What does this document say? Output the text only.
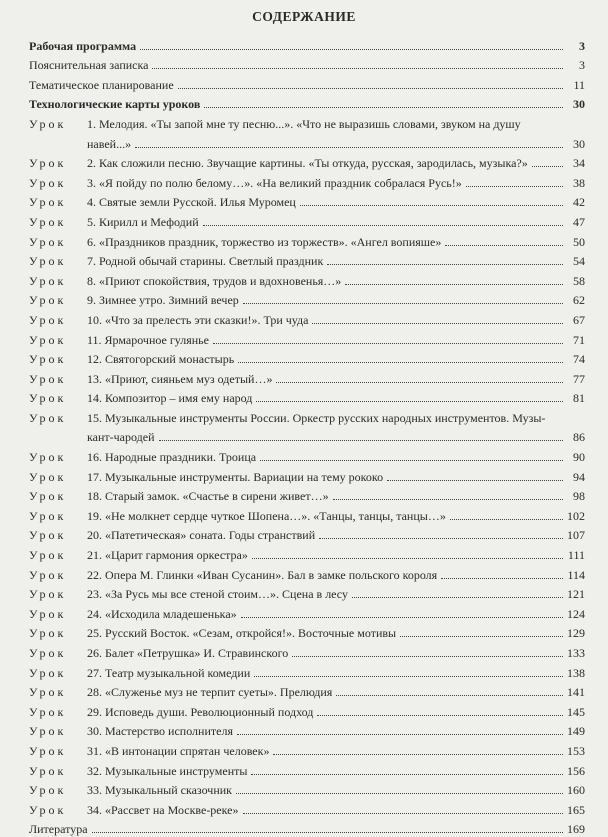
СОДЕРЖАНИЕ
Рабочая программа	3
Пояснительная записка	3
Тематическое планирование	11
Технологические карты уроков	30
Урок	1. Мелодия. «Ты запой мне ту песню...». «Что не выразишь словами, звуком на душу
навей...»	30
Урок	2. Как сложили песню. Звучащие картины. «Ты откуда, русская, зародилась, музыка?»	34
Урок	3. «Я пойду по полю белому…». «На великий праздник собралася Русь!»	38
Урок	4. Святые земли Русской. Илья Муромец	42
Урок	5. Кирилл и Мефодий	47
Урок	6. «Праздников праздник, торжество из торжеств». «Ангел вопияше»	50
Урок	7. Родной обычай старины. Светлый праздник	54
Урок	8. «Приют спокойствия, трудов и вдохновенья…»	58
Урок	9. Зимнее утро. Зимний вечер	62
Урок	10. «Что за прелесть эти сказки!». Три чуда	67
Урок	11. Ярмарочное гулянье	71
Урок	12. Святогорский монастырь	74
Урок	13. «Приют, сияньем муз одетый…»	77
Урок	14. Композитор – имя ему народ	81
Урок	15. Музыкальные инструменты России. Оркестр русских народных инструментов. Музы-
кант-чародей	86
Урок	16. Народные праздники. Троица	90
Урок	17. Музыкальные инструменты. Вариации на тему рококо	94
Урок	18. Старый замок. «Счастье в сирени живет…»	98
Урок	19. «Не молкнет сердце чуткое Шопена…». «Танцы, танцы, танцы…»	102
Урок	20. «Патетическая» соната. Годы странствий	107
Урок	21. «Царит гармония оркестра»	111
Урок	22. Опера М. Глинки «Иван Сусанин». Бал в замке польского короля	114
Урок	23. «За Русь мы все стеной стоим…». Сцена в лесу	121
Урок	24. «Исходила младешенька»	124
Урок	25. Русский Восток. «Сезам, откройся!». Восточные мотивы	129
Урок	26. Балет «Петрушка» И. Стравинского	133
Урок	27. Театр музыкальной комедии	138
Урок	28. «Служенье муз не терпит суеты». Прелюдия	141
Урок	29. Исповедь души. Революционный подход	145
Урок	30. Мастерство исполнителя	149
Урок	31. «В интонации спрятан человек»	153
Урок	32. Музыкальные инструменты	156
Урок	33. Музыкальный сказочник	160
Урок	34. «Рассвет на Москве-реке»	165
Литература	169
